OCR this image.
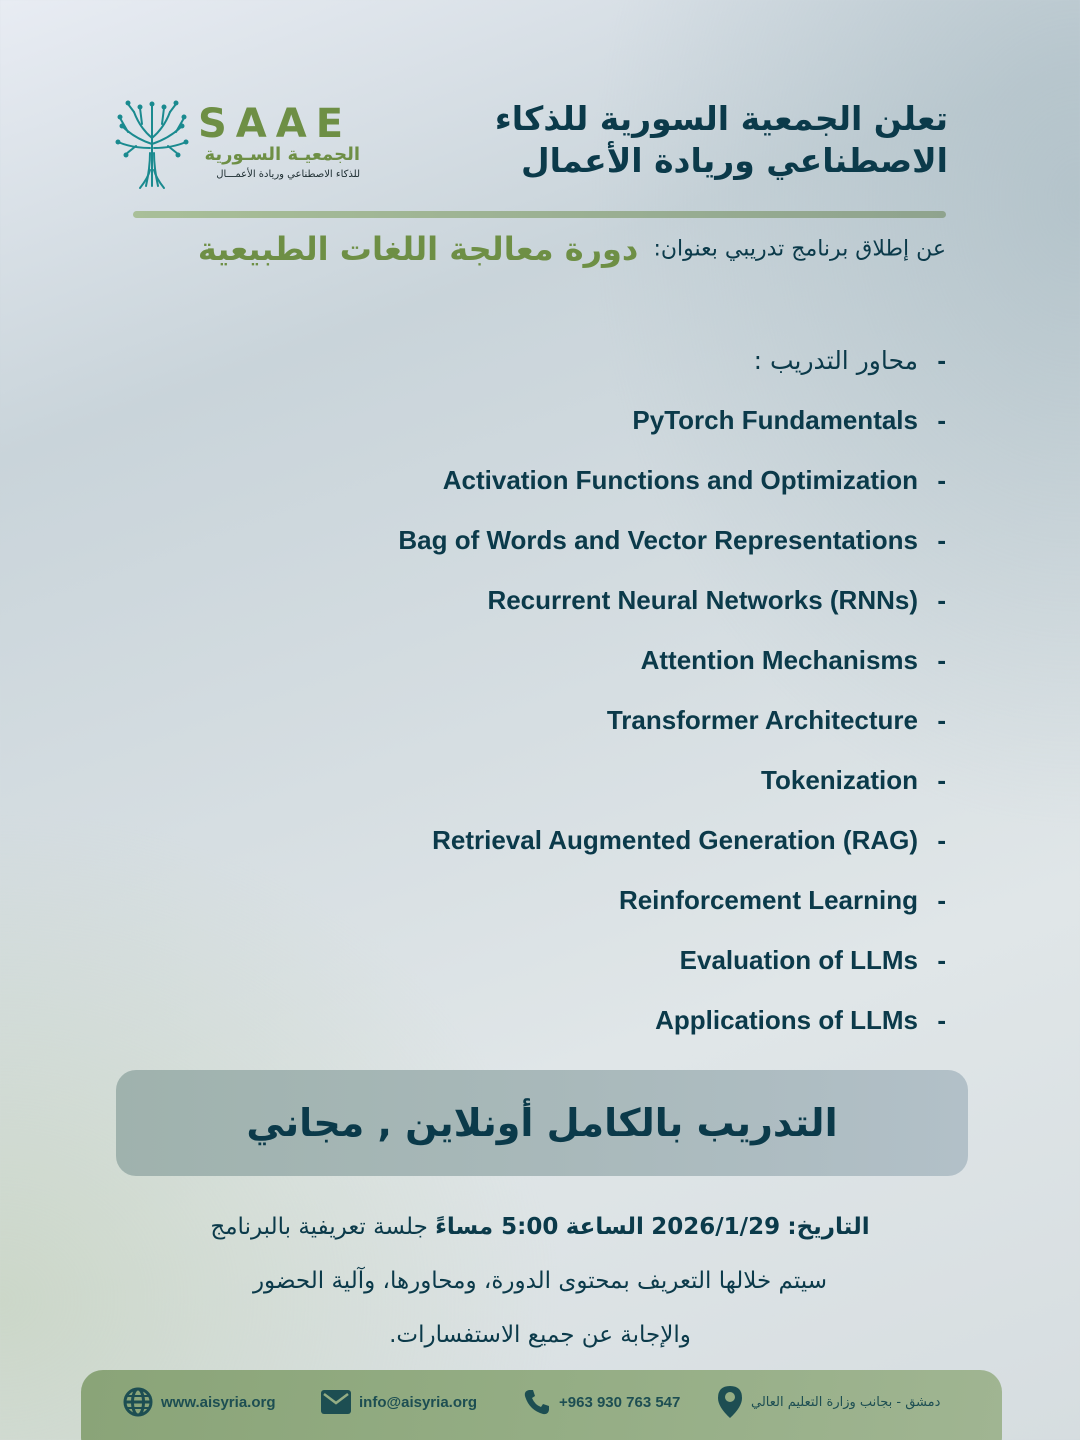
SAAE
الجمعيـة السـورية
للذكاء الاصطناعي وريادة الأعمـــال
تعلن الجمعية السورية للذكاء
الاصطناعي وريادة الأعمال
عن إطلاق برنامج تدريبي بعنوان: دورة معالجة اللغات الطبيعية
محاور التدريب : -
PyTorch Fundamentals -
Activation Functions and Optimization -
Bag of Words and Vector Representations -
Recurrent Neural Networks (RNNs) -
Attention Mechanisms -
Transformer Architecture -
Tokenization -
Retrieval Augmented Generation (RAG) -
Reinforcement Learning -
Evaluation of LLMs -
Applications of LLMs -
التدريب بالكامل أونلاين , مجاني
التاريخ: 2026/1/29 الساعة 5:00 مساءً جلسة تعريفية بالبرنامج
سيتم خلالها التعريف بمحتوى الدورة، ومحاورها، وآلية الحضور
والإجابة عن جميع الاستفسارات.
www.aisyria.org	info@aisyria.org	+963 930 763 547	دمشق - بجانب وزارة التعليم العالي
